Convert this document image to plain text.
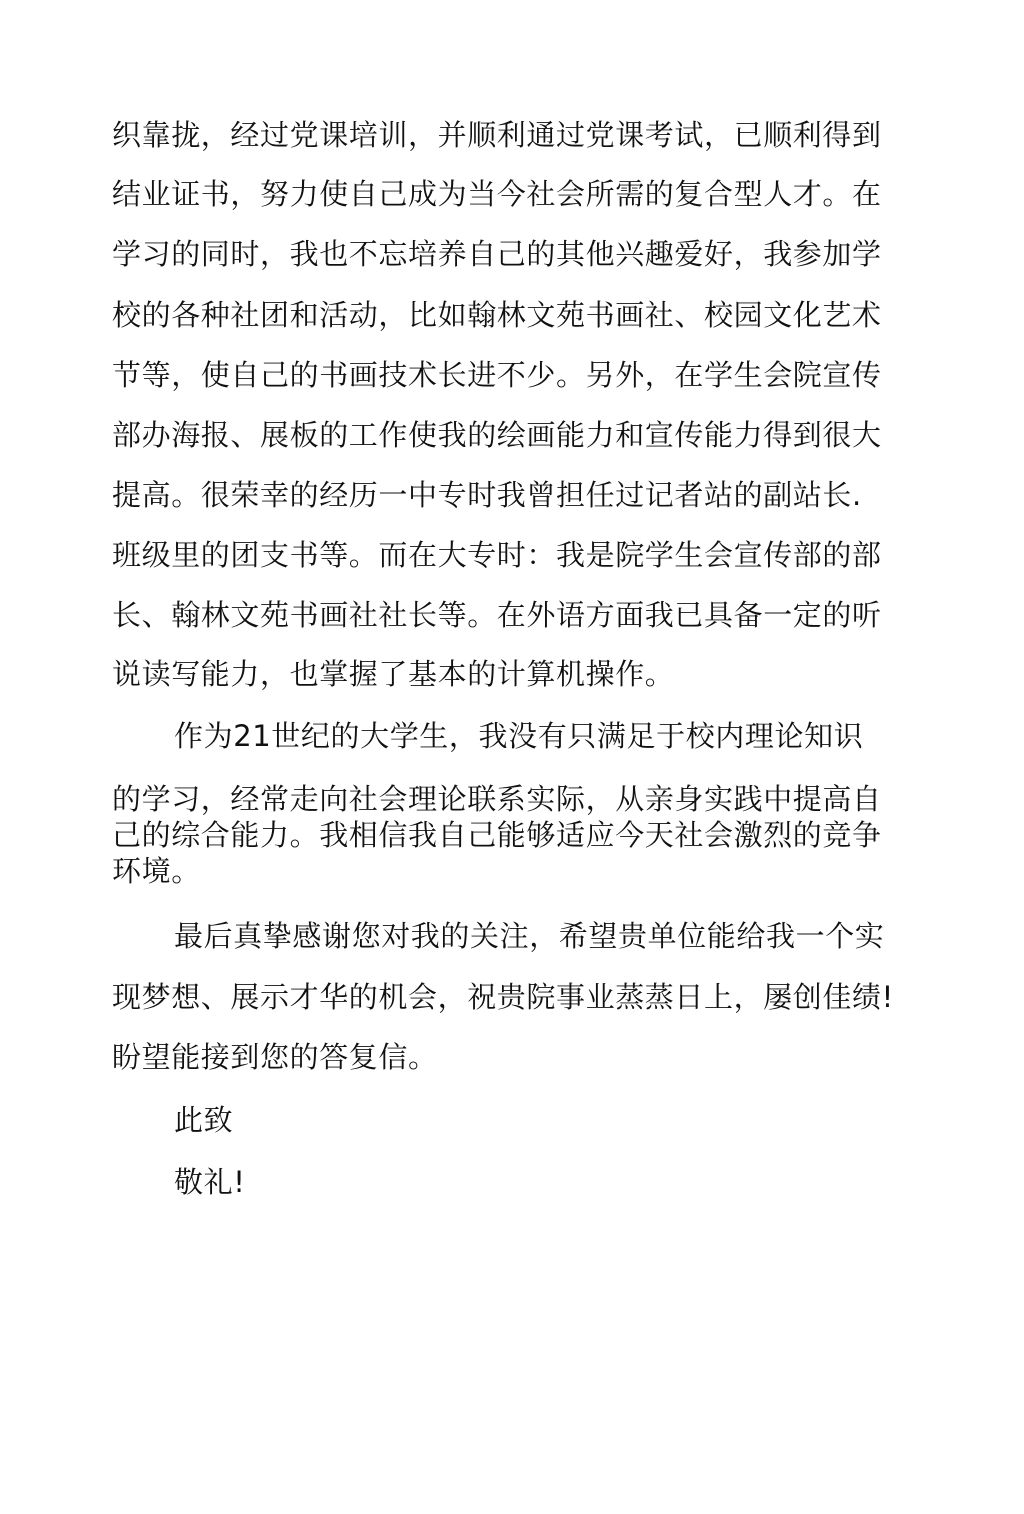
织靠拢，经过党课培训，并顺利通过党课考试，已顺利得到
结业证书，努力使自己成为当今社会所需的复合型人才。在
学习的同时，我也不忘培养自己的其他兴趣爱好，我参加学
校的各种社团和活动，比如翰林文苑书画社、校园文化艺术
节等，使自己的书画技术长进不少。另外，在学生会院宣传
部办海报、展板的工作使我的绘画能力和宣传能力得到很大
提高。很荣幸的经历一中专时我曾担任过记者站的副站长.
班级里的团支书等。而在大专时：我是院学生会宣传部的部
长、翰林文苑书画社社长等。在外语方面我已具备一定的听
说读写能力，也掌握了基本的计算机操作。
作为21世纪的大学生，我没有只满足于校内理论知识
的学习，经常走向社会理论联系实际，从亲身实践中提高自
己的综合能力。我相信我自己能够适应今天社会激烈的竞争
环境。
最后真挚感谢您对我的关注，希望贵单位能给我一个实
现梦想、展示才华的机会，祝贵院事业蒸蒸日上，屡创佳绩!
盼望能接到您的答复信。
此致
敬礼!
